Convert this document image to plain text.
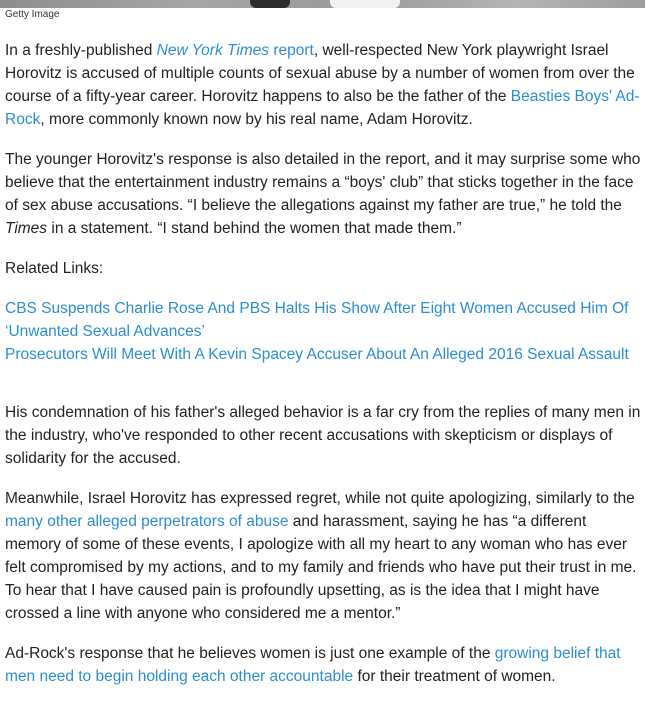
Getty Image

In a freshly-published New York Times report, well-respected New York playwright Israel Horovitz is accused of multiple counts of sexual abuse by a number of women from over the course of a fifty-year career. Horovitz happens to also be the father of the Beasties Boys' Ad-Rock, more commonly known now by his real name, Adam Horovitz.

The younger Horovitz's response is also detailed in the report, and it may surprise some who believe that the entertainment industry remains a “boys' club” that sticks together in the face of sex abuse accusations. “I believe the allegations against my father are true,” he told the Times in a statement. “I stand behind the women that made them.”

Related Links:

CBS Suspends Charlie Rose And PBS Halts His Show After Eight Women Accused Him Of ‘Unwanted Sexual Advances’
Prosecutors Will Meet With A Kevin Spacey Accuser About An Alleged 2016 Sexual Assault

His condemnation of his father's alleged behavior is a far cry from the replies of many men in the industry, who've responded to other recent accusations with skepticism or displays of solidarity for the accused.

Meanwhile, Israel Horovitz has expressed regret, while not quite apologizing, similarly to the many other alleged perpetrators of abuse and harassment, saying he has “a different memory of some of these events, I apologize with all my heart to any woman who has ever felt compromised by my actions, and to my family and friends who have put their trust in me. To hear that I have caused pain is profoundly upsetting, as is the idea that I might have crossed a line with anyone who considered me a mentor.”

Ad-Rock's response that he believes women is just one example of the growing belief that men need to begin holding each other accountable for their treatment of women.
